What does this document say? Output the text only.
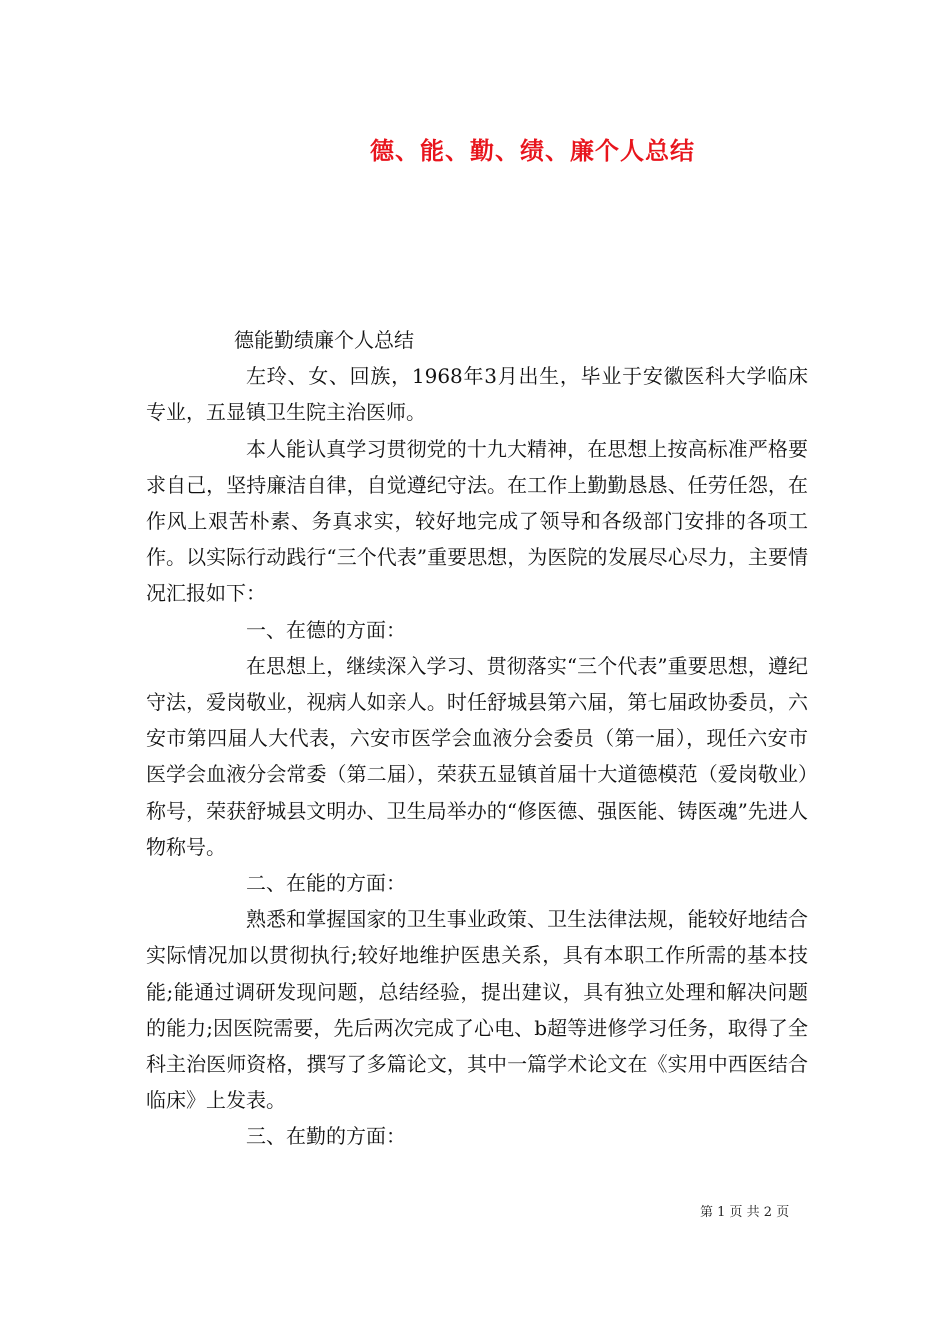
德、能、勤、绩、廉个人总结

德能勤绩廉个人总结

左玲、女、回族，1968年3月出生，毕业于安徽医科大学临床专业，五显镇卫生院主治医师。

本人能认真学习贯彻党的十九大精神，在思想上按高标准严格要求自己，坚持廉洁自律，自觉遵纪守法。在工作上勤勤恳恳、任劳任怨，在作风上艰苦朴素、务真求实，较好地完成了领导和各级部门安排的各项工作。以实际行动践行“三个代表”重要思想，为医院的发展尽心尽力，主要情况汇报如下：

一、在德的方面：

在思想上，继续深入学习、贯彻落实“三个代表”重要思想，遵纪守法，爱岗敬业，视病人如亲人。时任舒城县第六届，第七届政协委员，六安市第四届人大代表，六安市医学会血液分会委员（第一届），现任六安市医学会血液分会常委（第二届），荣获五显镇首届十大道德模范（爱岗敬业）称号，荣获舒城县文明办、卫生局举办的“修医德、强医能、铸医魂”先进人物称号。

二、在能的方面：

熟悉和掌握国家的卫生事业政策、卫生法律法规，能较好地结合实际情况加以贯彻执行;较好地维护医患关系，具有本职工作所需的基本技能;能通过调研发现问题，总结经验，提出建议，具有独立处理和解决问题的能力;因医院需要，先后两次完成了心电、b超等进修学习任务，取得了全科主治医师资格，撰写了多篇论文，其中一篇学术论文在《实用中西医结合临床》上发表。

三、在勤的方面：

第 1 页 共 2 页
